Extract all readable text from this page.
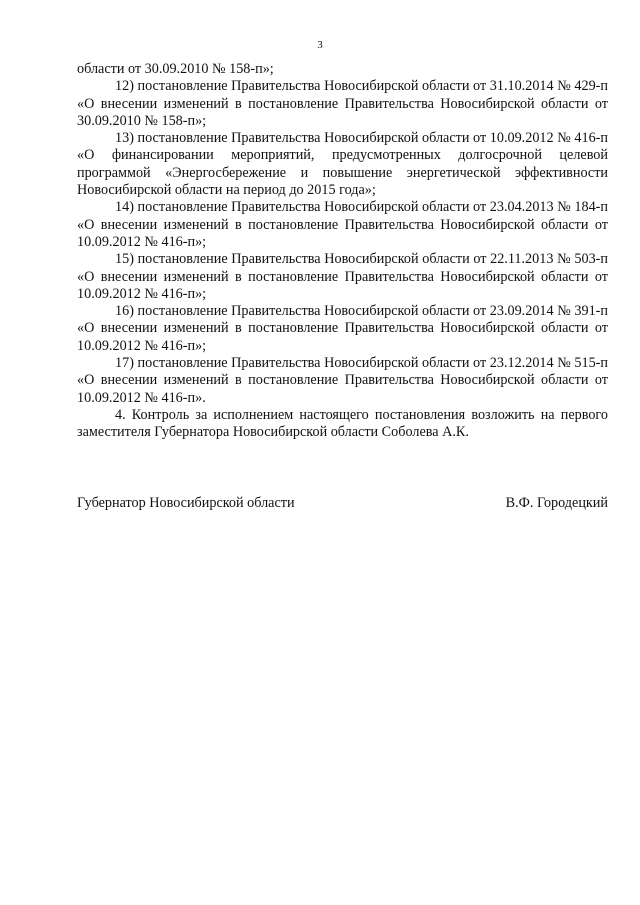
3

области от 30.09.2010 № 158-п»;

12) постановление Правительства Новосибирской области от 31.10.2014 № 429-п «О внесении изменений в постановление Правительства Новосибирской области от 30.09.2010 № 158-п»;

13) постановление Правительства Новосибирской области от 10.09.2012 № 416-п «О финансировании мероприятий, предусмотренных долгосрочной целевой программой «Энергосбережение и повышение энергетической эффективности Новосибирской области на период до 2015 года»;

14) постановление Правительства Новосибирской области от 23.04.2013 № 184-п «О внесении изменений в постановление Правительства Новосибирской области от 10.09.2012 № 416-п»;

15) постановление Правительства Новосибирской области от 22.11.2013 № 503-п «О внесении изменений в постановление Правительства Новосибирской области от 10.09.2012 № 416-п»;

16) постановление Правительства Новосибирской области от 23.09.2014 № 391-п «О внесении изменений в постановление Правительства Новосибирской области от 10.09.2012 № 416-п»;

17) постановление Правительства Новосибирской области от 23.12.2014 № 515-п «О внесении изменений в постановление Правительства Новосибирской области от 10.09.2012 № 416-п».

4. Контроль за исполнением настоящего постановления возложить на первого заместителя Губернатора Новосибирской области Соболева А.К.

Губернатор Новосибирской области	В.Ф. Городецкий
